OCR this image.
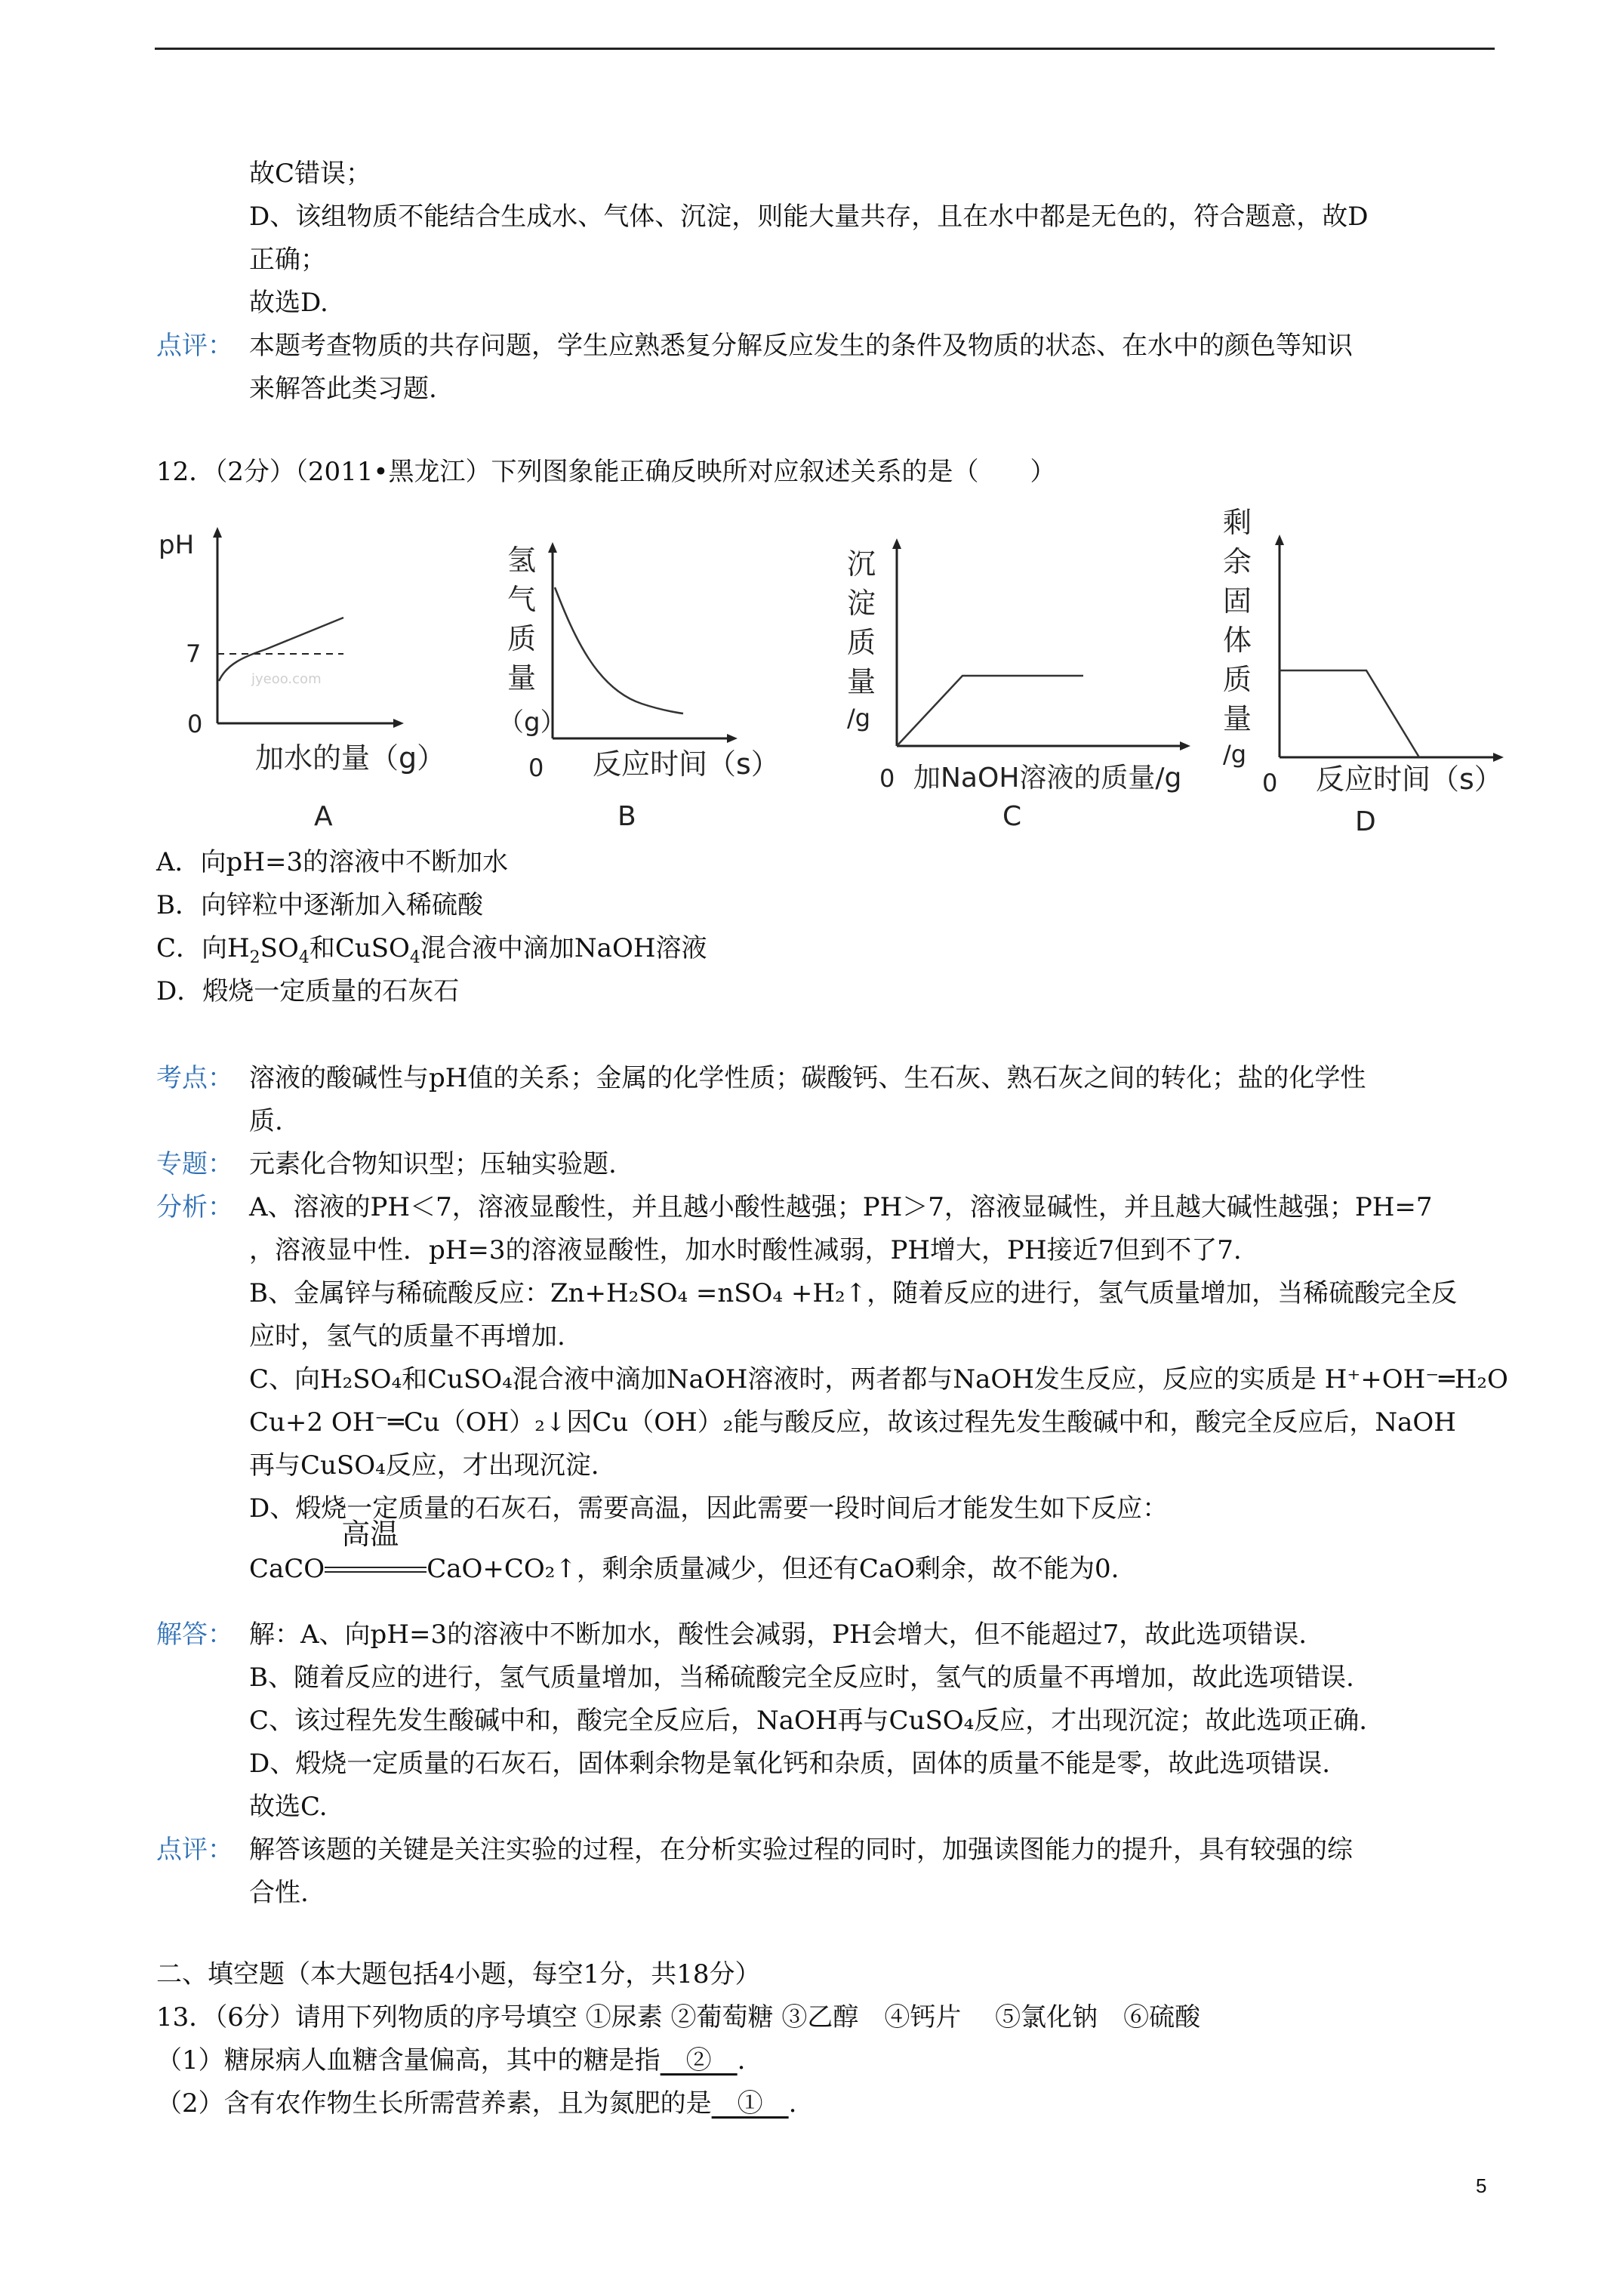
故C错误；
D、该组物质不能结合生成水、气体、沉淀，则能大量共存，且在水中都是无色的，符合题意，故D
正确；
故选D.
点评： 本题考查物质的共存问题，学生应熟悉复分解反应发生的条件及物质的状态、在水中的颜色等知识
来解答此类习题.
12．（2分）（2011•黑龙江）下列图象能正确反映所对应叙述关系的是（　　）
pH
7
0
jyeoo.com
加水的量（g）
A
氢
气
质
量
（g）
0 反应时间（s）
B
沉
淀
质
量
/g
0 加NaOH溶液的质量/g
C
剩
余
固
体
质
量
/g
0 反应时间（s）
D
A．向pH=3的溶液中不断加水
B．向锌粒中逐渐加入稀硫酸
C．向$H_2SO_4$和CuSO$_4$混合液中滴加NaOH溶液
D．煅烧一定质量的石灰石
考点： 溶液的酸碱性与pH值的关系；金属的化学性质；碳酸钙、生石灰、熟石灰之间的转化；盐的化学性
质.
专题： 元素化合物知识型；压轴实验题.
分析： A、溶液的PH＜7，溶液显酸性，并且越小酸性越强；PH＞7，溶液显碱性，并且越大碱性越强；PH=7
，溶液显中性．pH=3的溶液显酸性，加水时酸性减弱，PH增大，PH接近7但到不了7.
B、金属锌与稀硫酸反应：Zn+H₂SO₄ =nSO₄ +H₂↑，随着反应的进行，氢气质量增加，当稀硫酸完全反
应时，氢气的质量不再增加.
C、向H₂SO₄和CuSO₄混合液中滴加NaOH溶液时，两者都与NaOH发生反应，反应的实质是 H⁺+OH⁻═H₂O
Cu+2 OH⁻═Cu（OH）₂↓因Cu（OH）₂能与酸反应，故该过程先发生酸碱中和，酸完全反应后，NaOH
再与CuSO₄反应，才出现沉淀.
D、煅烧一定质量的石灰石，需要高温，因此需要一段时间后才能发生如下反应：
CaCO
高温
CaO+CO₂↑，剩余质量减少，但还有CaO剩余，故不能为0.
解答： 解：A、向pH=3的溶液中不断加水，酸性会减弱，PH会增大，但不能超过7，故此选项错误.
B、随着反应的进行，氢气质量增加，当稀硫酸完全反应时，氢气的质量不再增加，故此选项错误.
C、该过程先发生酸碱中和，酸完全反应后，NaOH再与CuSO₄反应，才出现沉淀；故此选项正确.
D、煅烧一定质量的石灰石，固体剩余物是氧化钙和杂质，固体的质量不能是零，故此选项错误.
故选C.
点评： 解答该题的关键是关注实验的过程，在分析实验过程的同时，加强读图能力的提升，具有较强的综
合性.
二、填空题（本大题包括4小题，每空1分，共18分）
13．（6分）请用下列物质的序号填空 ①尿素 ②葡萄糖 ③乙醇　④钙片　 ⑤氯化钠　⑥硫酸
（1）糖尿病人血糖含量偏高，其中的糖是指　②　.
（2）含有农作物生长所需营养素，且为氮肥的是　①　.
5
